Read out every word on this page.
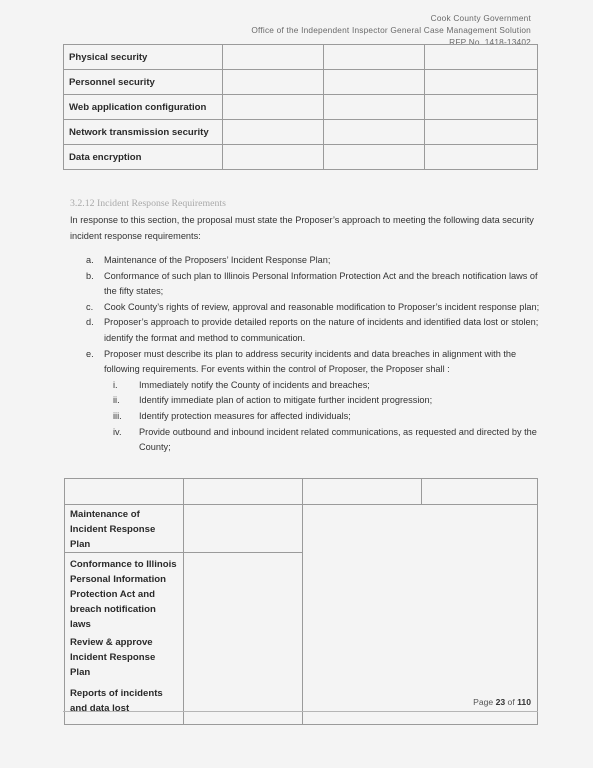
Cook County Government
Office of the Independent Inspector General Case Management Solution
RFP No. 1418-13402
Physical security			
Personnel security			
Web application configuration			
Network transmission security			
Data encryption			
3.2.12 Incident Response Requirements
In response to this section, the proposal must state the Proposer’s approach to meeting the following data security incident response requirements:
a. Maintenance of the Proposers’ Incident Response Plan;
b. Conformance of such plan to Illinois Personal Information Protection Act and the breach notification laws of the fifty states;
c. Cook County’s rights of review, approval and reasonable modification to Proposer’s incident response plan;
d. Proposer’s approach to provide detailed reports on the nature of incidents and identified data lost or stolen; identify the format and method to communication.
e. Proposer must describe its plan to address security incidents and data breaches in alignment with the following requirements. For events within the control of Proposer, the Proposer shall :
i. Immediately notify the County of incidents and breaches;
ii. Identify immediate plan of action to mitigate further incident progression;
iii. Identify protection measures for affected individuals;
iv. Provide outbound and inbound incident related communications, as requested and directed by the County;

Maintenance of Incident Response Plan			
Conformance to Illinois Personal Information Protection Act and breach notification laws			
Review & approve Incident Response Plan			
Reports of incidents and data lost			
Page 23 of 110
